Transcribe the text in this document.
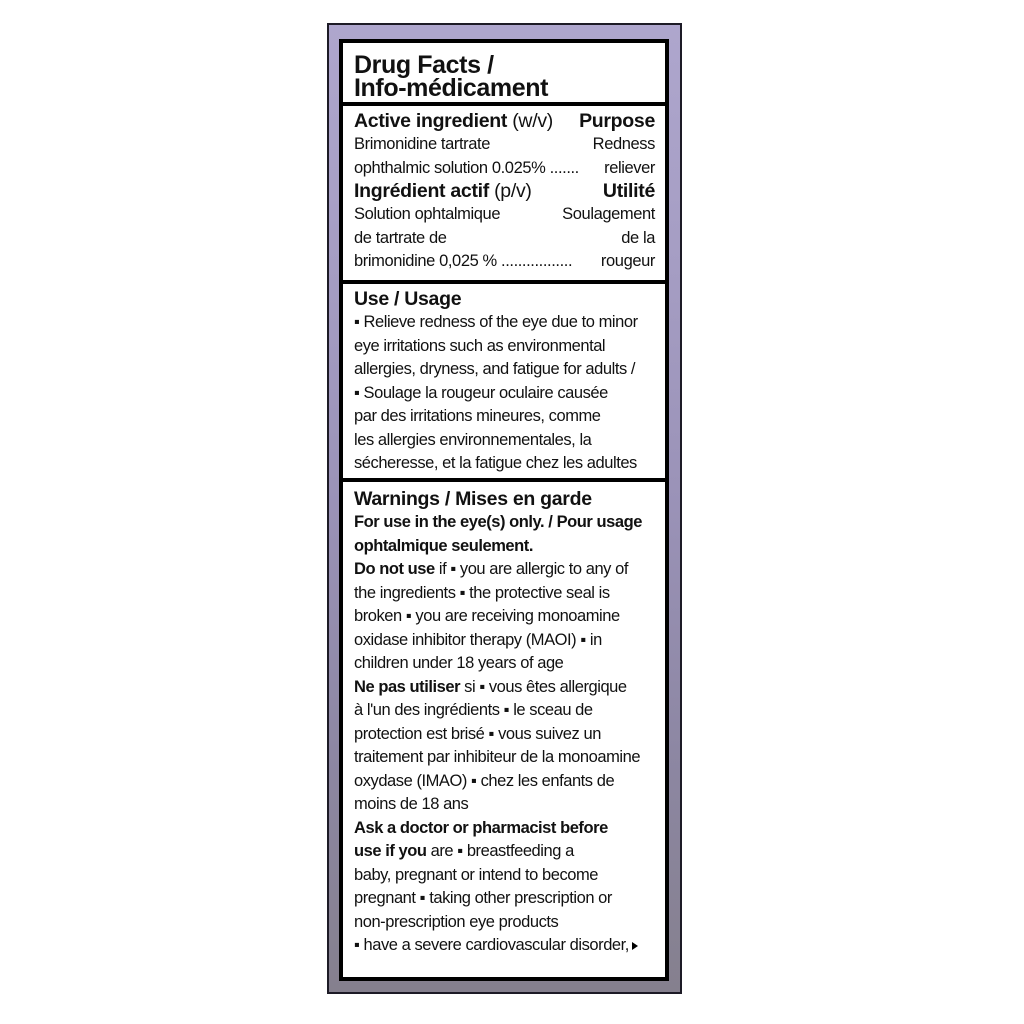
Drug Facts /
Info-médicament
Active ingredient (w/v) Purpose
Brimonidine tartrate	Redness
ophthalmic solution 0.025% ....... reliever
Ingrédient actif (p/v)	Utilité
Solution ophtalmique	Soulagement
de tartrate de	de la
brimonidine 0,025 % ................. rougeur
Use / Usage
▪ Relieve redness of the eye due to minor
eye irritations such as environmental
allergies, dryness, and fatigue for adults /
▪ Soulage la rougeur oculaire causée
par des irritations mineures, comme
les allergies environnementales, la
sécheresse, et la fatigue chez les adultes
Warnings / Mises en garde
For use in the eye(s) only. / Pour usage
ophtalmique seulement.
Do not use if ▪ you are allergic to any of
the ingredients ▪ the protective seal is
broken ▪ you are receiving monoamine
oxidase inhibitor therapy (MAOI) ▪ in
children under 18 years of age
Ne pas utiliser si ▪ vous êtes allergique
à l'un des ingrédients ▪ le sceau de
protection est brisé ▪ vous suivez un
traitement par inhibiteur de la monoamine
oxydase (IMAO) ▪ chez les enfants de
moins de 18 ans
Ask a doctor or pharmacist before
use if you are ▪ breastfeeding a
baby, pregnant or intend to become
pregnant ▪ taking other prescription or
non-prescription eye products
▪ have a severe cardiovascular disorder,
